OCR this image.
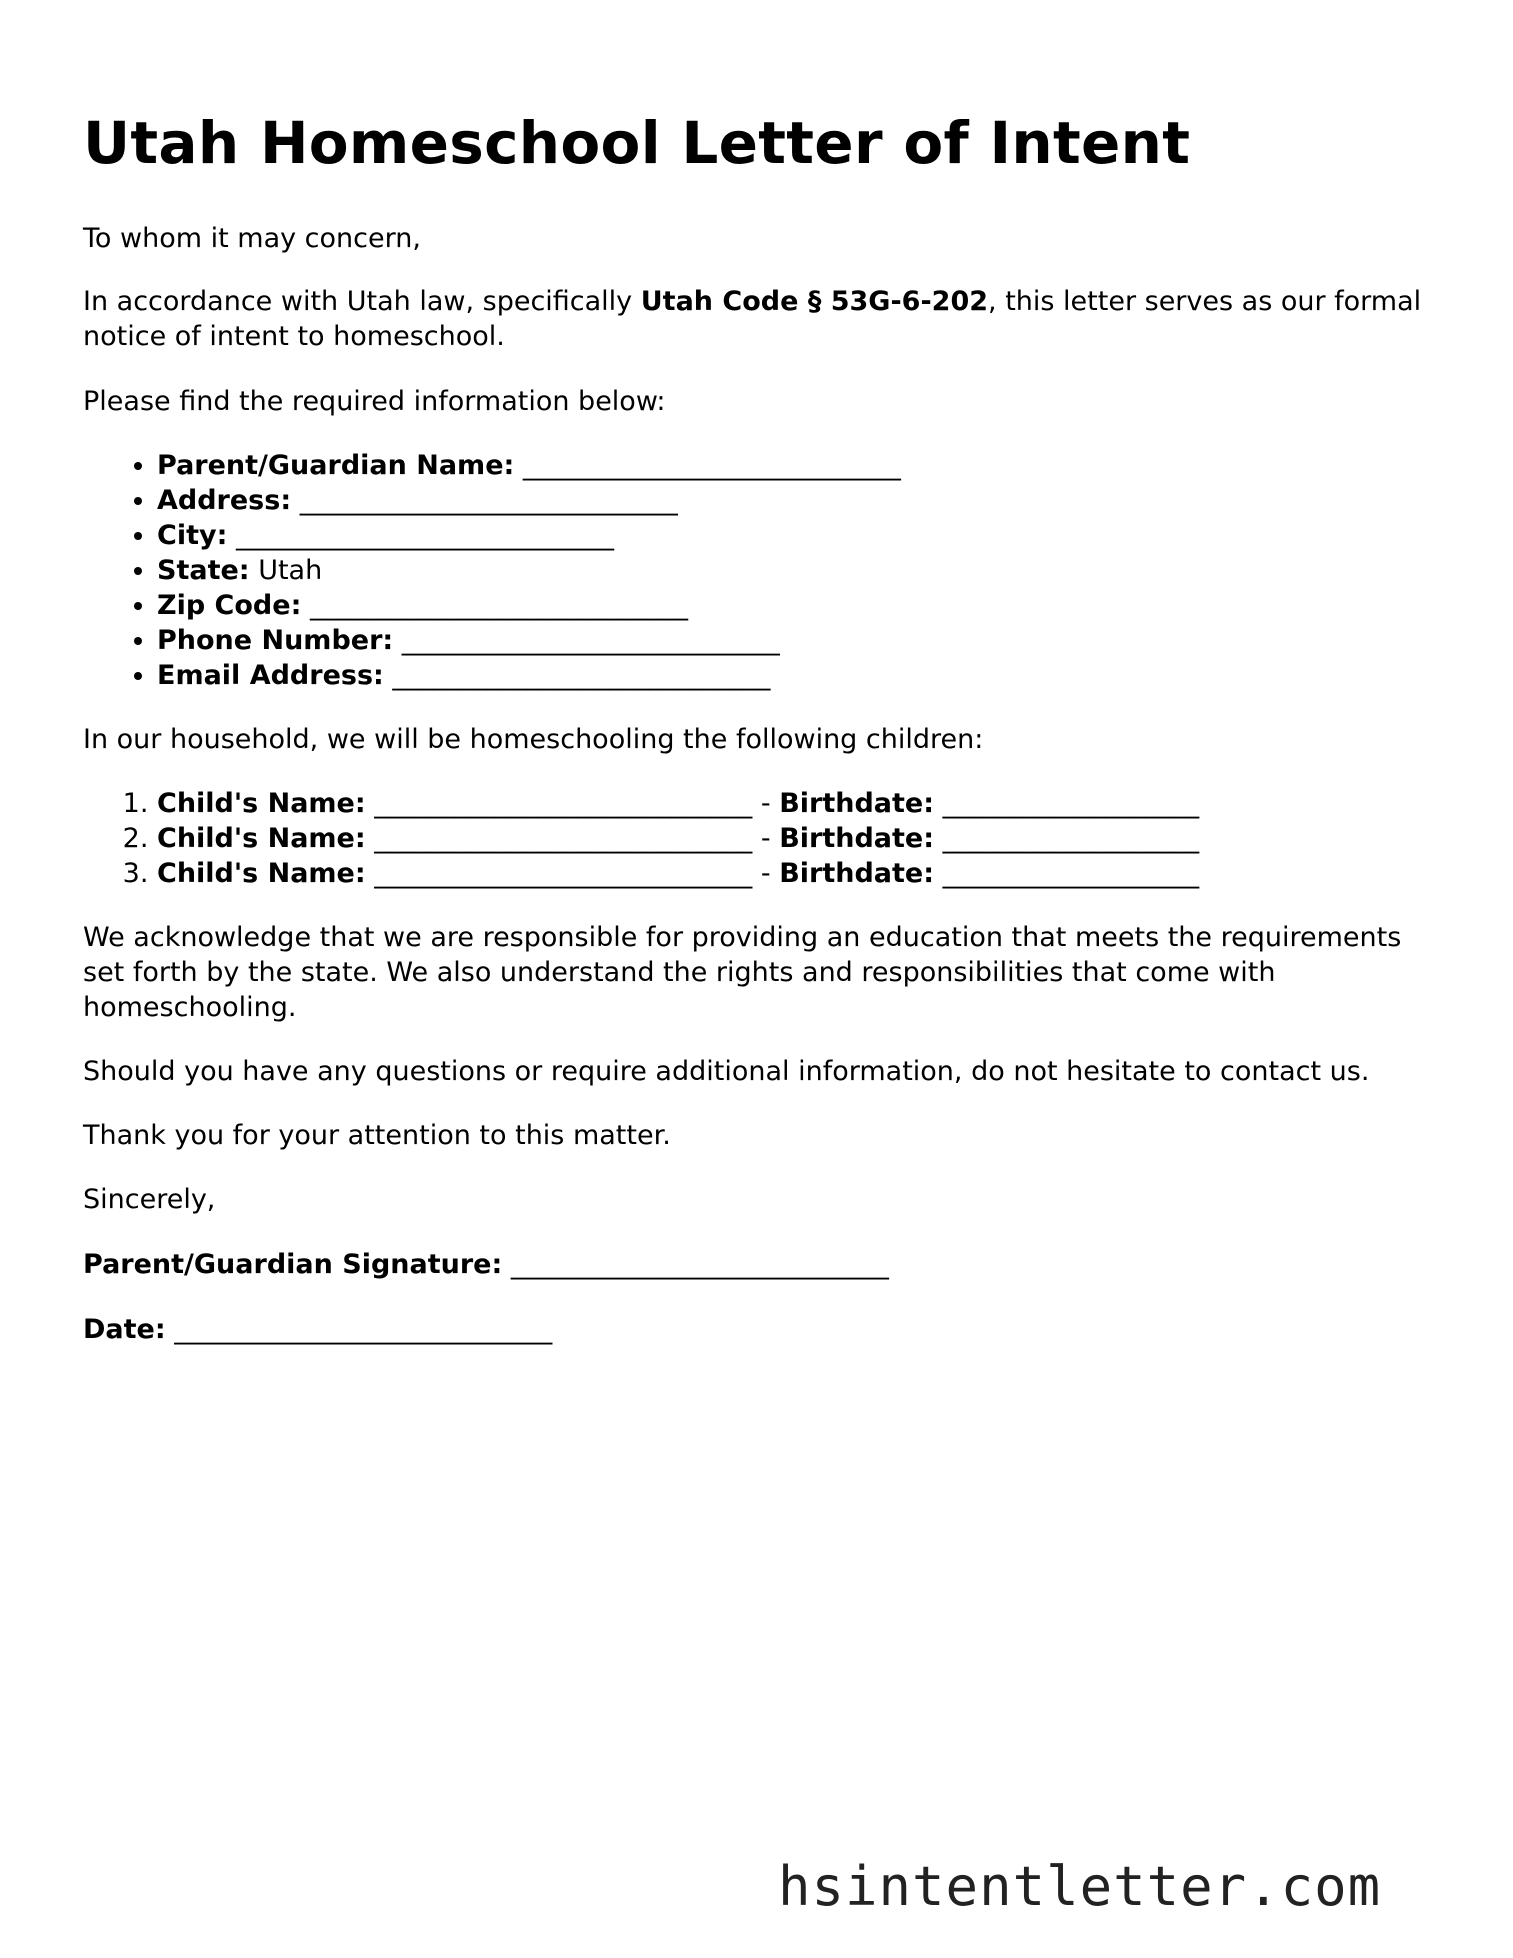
Utah Homeschool Letter of Intent

To whom it may concern,

In accordance with Utah law, specifically Utah Code § 53G-6-202, this letter serves as our formal notice of intent to homeschool.

Please find the required information below:

• Parent/Guardian Name: ____________________________
• Address: ____________________________
• City: ____________________________
• State: Utah
• Zip Code: ____________________________
• Phone Number: ____________________________
• Email Address: ____________________________

In our household, we will be homeschooling the following children:

1. Child's Name: ____________________________ - Birthdate: ___________________
2. Child's Name: ____________________________ - Birthdate: ___________________
3. Child's Name: ____________________________ - Birthdate: ___________________

We acknowledge that we are responsible for providing an education that meets the requirements set forth by the state. We also understand the rights and responsibilities that come with homeschooling.

Should you have any questions or require additional information, do not hesitate to contact us.

Thank you for your attention to this matter.

Sincerely,

Parent/Guardian Signature: ____________________________

Date: ____________________________

hsintentletter.com
